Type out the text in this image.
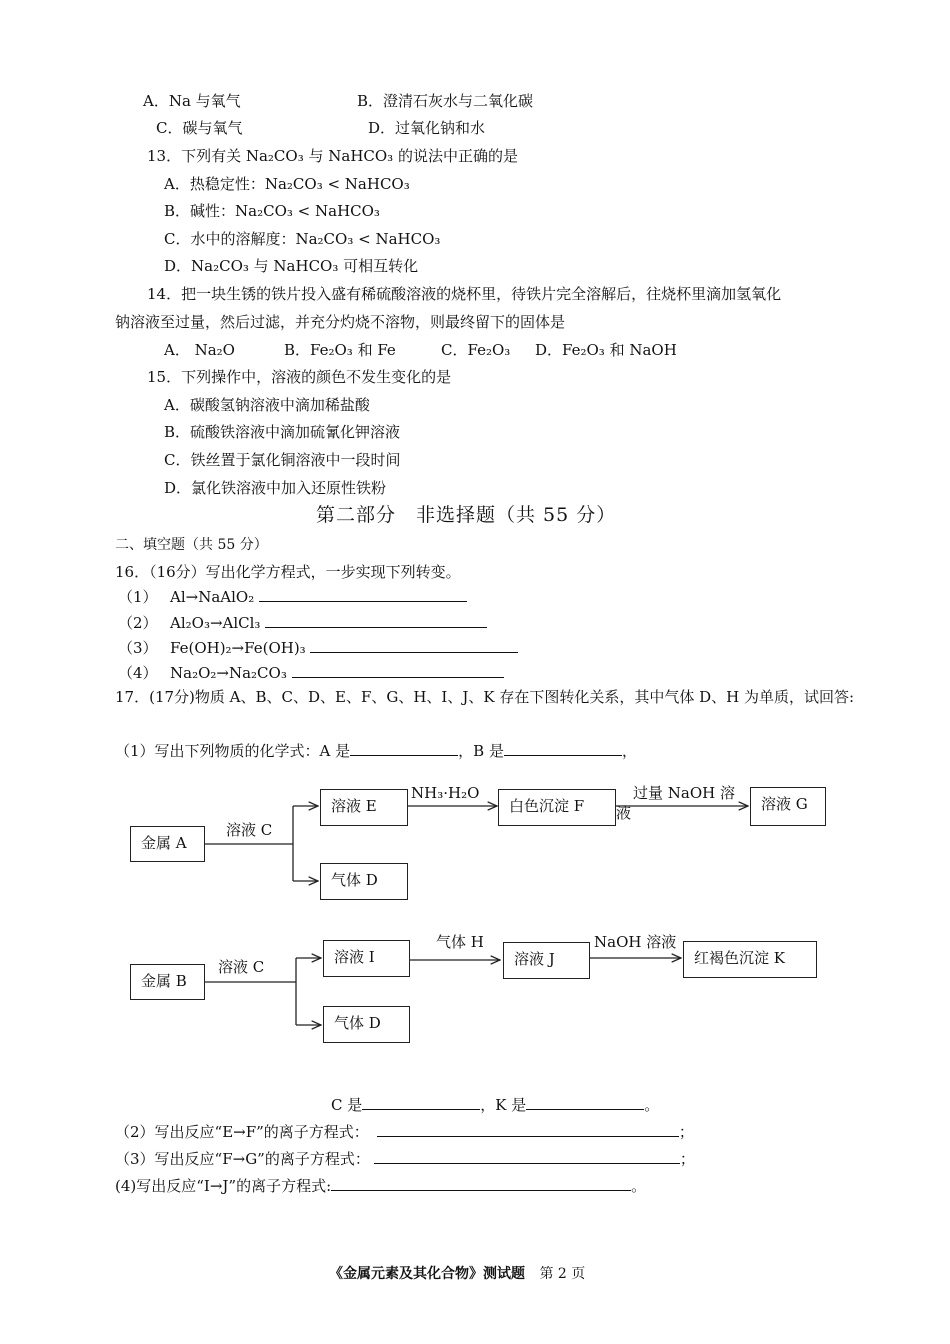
A．Na 与氧气	B．澄清石灰水与二氧化碳
C．碳与氧气	D．过氧化钠和水
13．下列有关 Na₂CO₃ 与 NaHCO₃ 的说法中正确的是
A．热稳定性：Na₂CO₃ < NaHCO₃
B．碱性：Na₂CO₃ < NaHCO₃
C．水中的溶解度：Na₂CO₃ < NaHCO₃
D．Na₂CO₃ 与 NaHCO₃ 可相互转化
14．把一块生锈的铁片投入盛有稀硫酸溶液的烧杯里，待铁片完全溶解后，往烧杯里滴加氢氧化
钠溶液至过量，然后过滤，并充分灼烧不溶物，则最终留下的固体是
A． Na₂O	B．Fe₂O₃ 和 Fe	C．Fe₂O₃ D．Fe₂O₃ 和 NaOH
15．下列操作中，溶液的颜色不发生变化的是
A．碳酸氢钠溶液中滴加稀盐酸
B．硫酸铁溶液中滴加硫氰化钾溶液
C．铁丝置于氯化铜溶液中一段时间
D．氯化铁溶液中加入还原性铁粉
第二部分　非选择题（共 55 分）
二、填空题（共 55 分）
16．（16分）写出化学方程式，一步实现下列转变。
（1） Al→NaAlO₂
（2） Al₂O₃→AlCl₃
（3） Fe(OH)₂→Fe(OH)₃
（4） Na₂O₂→Na₂CO₃
17．(17分)物质 A、B、C、D、E、F、G、H、I、J、K 存在下图转化关系，其中气体 D、H 为单质，试回答:
（1）写出下列物质的化学式：A 是	，B 是	，
金属 A
溶液 C
溶液 E
气体 D
NH₃·H₂O
白色沉淀 F
过量 NaOH 溶
液	溶液 G
金属 B
溶液 C
溶液 I
气体 D
气体 H
溶液 J
NaOH 溶液
红褐色沉淀 K
C 是	，K 是	。
（2）写出反应“E→F”的离子方程式：	；
（3）写出反应“F→G”的离子方程式：	；
(4)写出反应“I→J”的离子方程式:	。
《金属元素及其化合物》测试题 第 2 页
